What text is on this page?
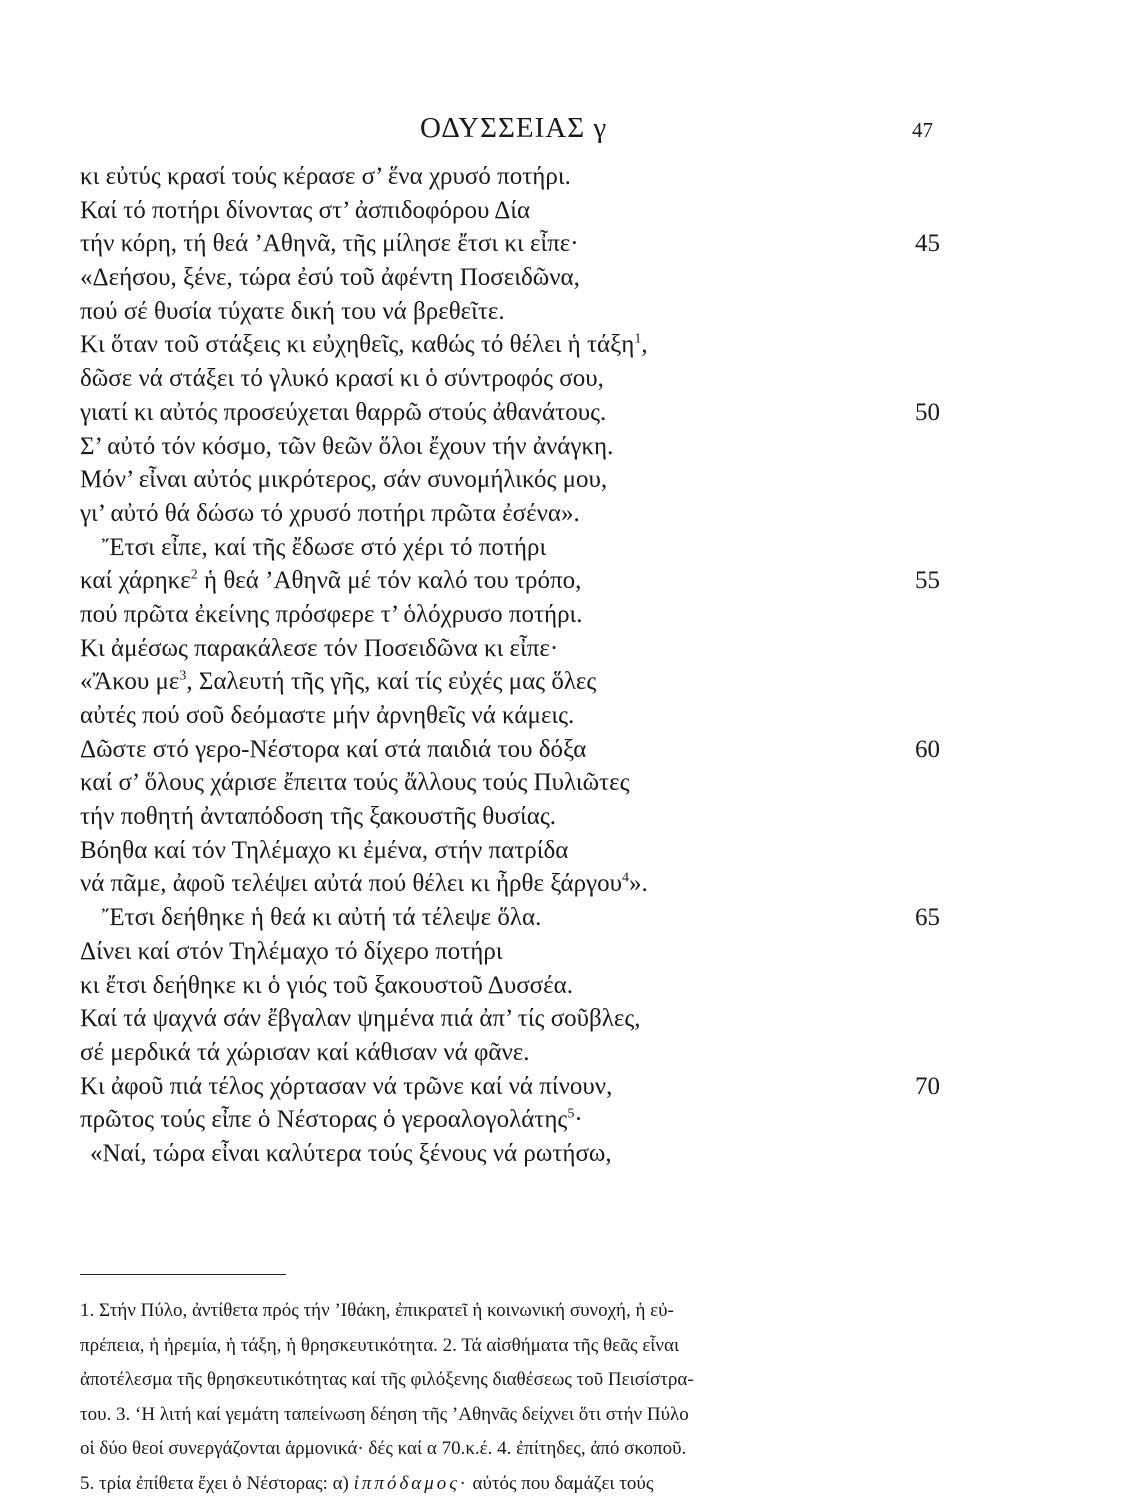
ΟΔΥΣΣΕΙΑΣ γ	47
κι εὐτύς κρασί τούς κέρασε σ’ ἕνα χρυσό ποτήρι.
Καί τό ποτήρι δίνοντας στ’ ἀσπιδοφόρου Δία
τήν κόρη, τή θεά ’Αθηνᾶ, τῆς μίλησε ἔτσι κι εἶπε·	45
«Δεήσου, ξένε, τώρα ἐσύ τοῦ ἀφέντη Ποσειδῶνα,
πού σέ θυσία τύχατε δική του νά βρεθεῖτε.
Κι ὅταν τοῦ στάξεις κι εὐχηθεῖς, καθώς τό θέλει ἡ τάξη$^1$,
δῶσε νά στάξει τό γλυκό κρασί κι ὁ σύντροφός σου,
γιατί κι αὐτός προσεύχεται θαρρῶ στούς ἀθανάτους.	50
Σ’ αὐτό τόν κόσμο, τῶν θεῶν ὅλοι ἔχουν τήν ἀνάγκη.
Μόν’ εἶναι αὐτός μικρότερος, σάν συνομήλικός μου,
γι’ αὐτό θά δώσω τό χρυσό ποτήρι πρῶτα ἐσένα».
Ἔτσι εἶπε, καί τῆς ἔδωσε στό χέρι τό ποτήρι
καί χάρηκε$^2$ ἡ θεά ’Αθηνᾶ μέ τόν καλό του τρόπο,	55
πού πρῶτα ἐκείνης πρόσφερε τ’ ὁλόχρυσο ποτήρι.
Κι ἀμέσως παρακάλεσε τόν Ποσειδῶνα κι εἶπε·
«Ἄκου $\mu\varepsilon^3$, Σαλευτή τῆς γῆς, καί τίς εὐχές μας ὅλες
αὐτές πού σοῦ δεόμαστε μήν ἀρνηθεῖς νά κάμεις.
Δῶστε στό γερο-Νέστορα καί στά παιδιά του δόξα	60
καί σ’ ὅλους χάρισε ἔπειτα τούς ἄλλους τούς Πυλιῶτες
τήν ποθητή ἀνταπόδοση τῆς ξακουστῆς θυσίας.
Βόηθα καί τόν Τηλέμαχο κι ἐμένα, στήν πατρίδα
νά πᾶμε, ἀφοῦ τελέψει αὐτά πού θέλει κι ἦρθε ξάργου$^4$».
Ἔτσι δεήθηκε ἡ θεά κι αὐτή τά τέλεψε ὅλα.	65
Δίνει καί στόν Τηλέμαχο τό δίχερο ποτήρι
κι ἔτσι δεήθηκε κι ὁ γιός τοῦ ξακουστοῦ Δυσσέα.
Καί τά ψαχνά σάν ἔβγαλαν ψημένα πιά ἀπ’ τίς σοῦβλες,
σέ μερδικά τά χώρισαν καί κάθισαν νά φᾶνε.
Κι ἀφοῦ πιά τέλος χόρτασαν νά τρῶνε καί νά πίνουν,	70
πρῶτος τούς εἶπε ὁ Νέστορας ὁ γεροαλογολάτης$^5$·
«Ναί, τώρα εἶναι καλύτερα τούς ξένους νά ρωτήσω,
1. Στήν Πύλο, ἀντίθετα πρός τήν ’Ιθάκη, ἐπικρατεῖ ἡ κοινωνική συνοχή, ἡ εὐ-
πρέπεια, ἡ ἠρεμία, ἡ τάξη, ἡ θρησκευτικότητα. 2. Τά αἰσθήματα τῆς θεᾶς εἶναι
ἀποτέλεσμα τῆς θρησκευτικότητας καί τῆς φιλόξενης διαθέσεως τοῦ Πεισίστρα-
του. 3. ‘Η λιτή καί γεμάτη ταπείνωση δέηση τῆς ’Αθηνᾶς δείχνει ὅτι στήν Πύλο
οἱ δύο θεοί συνεργάζονται ἁρμονικά· δές καί α 70.κ.έ. 4. ἐπίτηδες, ἀπό σκοποῦ.
5. τρία ἐπίθετα ἔχει ὁ Νέστορας: α) ἱππόδαμος· αὐτός που δαμάζει τούς
